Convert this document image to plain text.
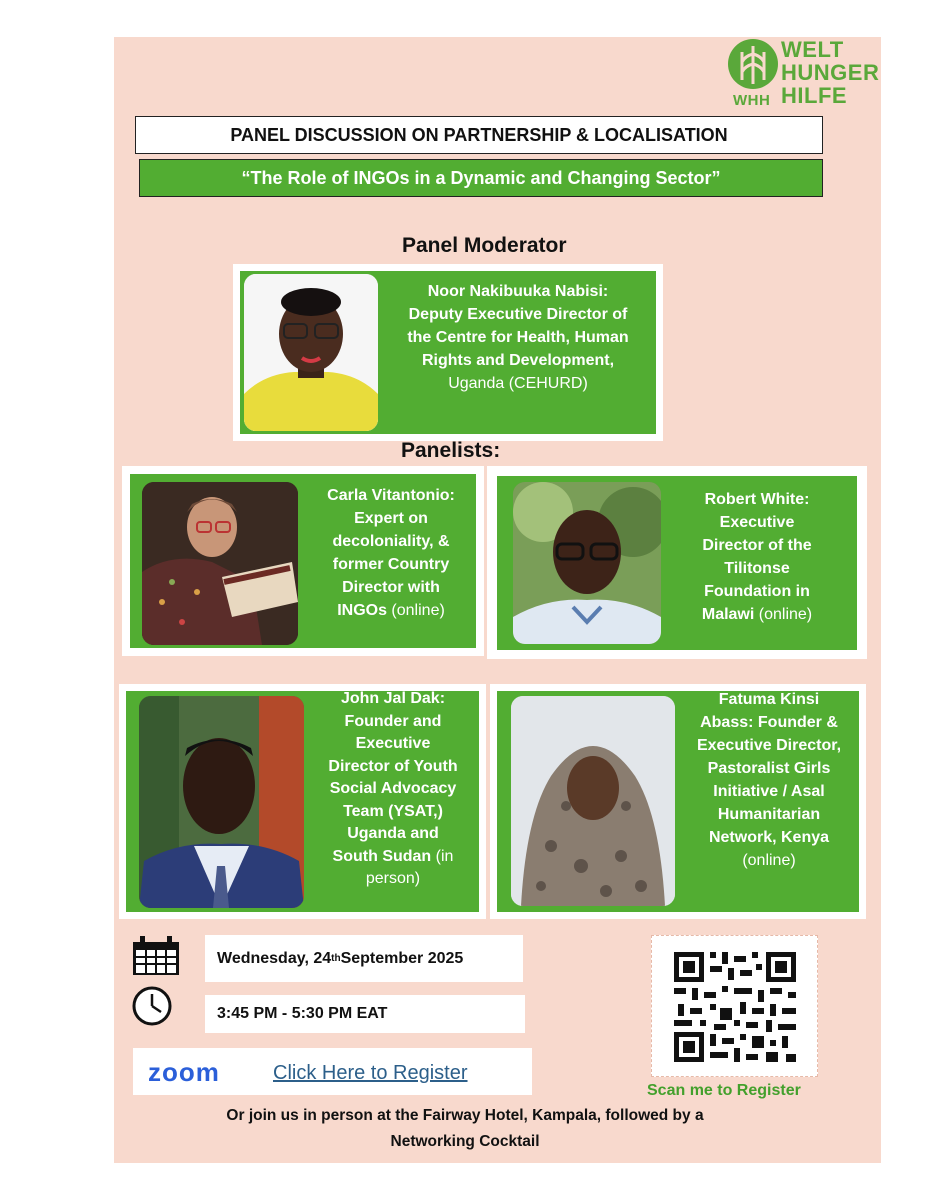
WHH
WELT
HUNGER
HILFE
PANEL DISCUSSION ON PARTNERSHIP & LOCALISATION
“The Role of INGOs in a Dynamic and Changing Sector”
Panel Moderator
Noor Nakibuuka Nabisi:
Deputy Executive Director of
the Centre for Health, Human
Rights and Development,
Uganda (CEHURD)
Panelists:
Carla Vitantonio:
Expert on
decoloniality, &
former Country
Director with
INGOs (online)
Robert White:
Executive
Director of the
Tilitonse
Foundation in
Malawi (online)
John Jal Dak:
Founder and
Executive
Director of Youth
Social Advocacy
Team (YSAT,)
Uganda and
South Sudan (in
person)
Fatuma Kinsi
Abass: Founder &
Executive Director,
Pastoralist Girls
Initiative / Asal
Humanitarian
Network, Kenya
(online)
Wednesday, 24 th September 2025
3:45 PM - 5:30 PM EAT
zoom	Click Here to Register
Scan me to Register
Or join us in person at the Fairway Hotel, Kampala, followed by a
Networking Cocktail
